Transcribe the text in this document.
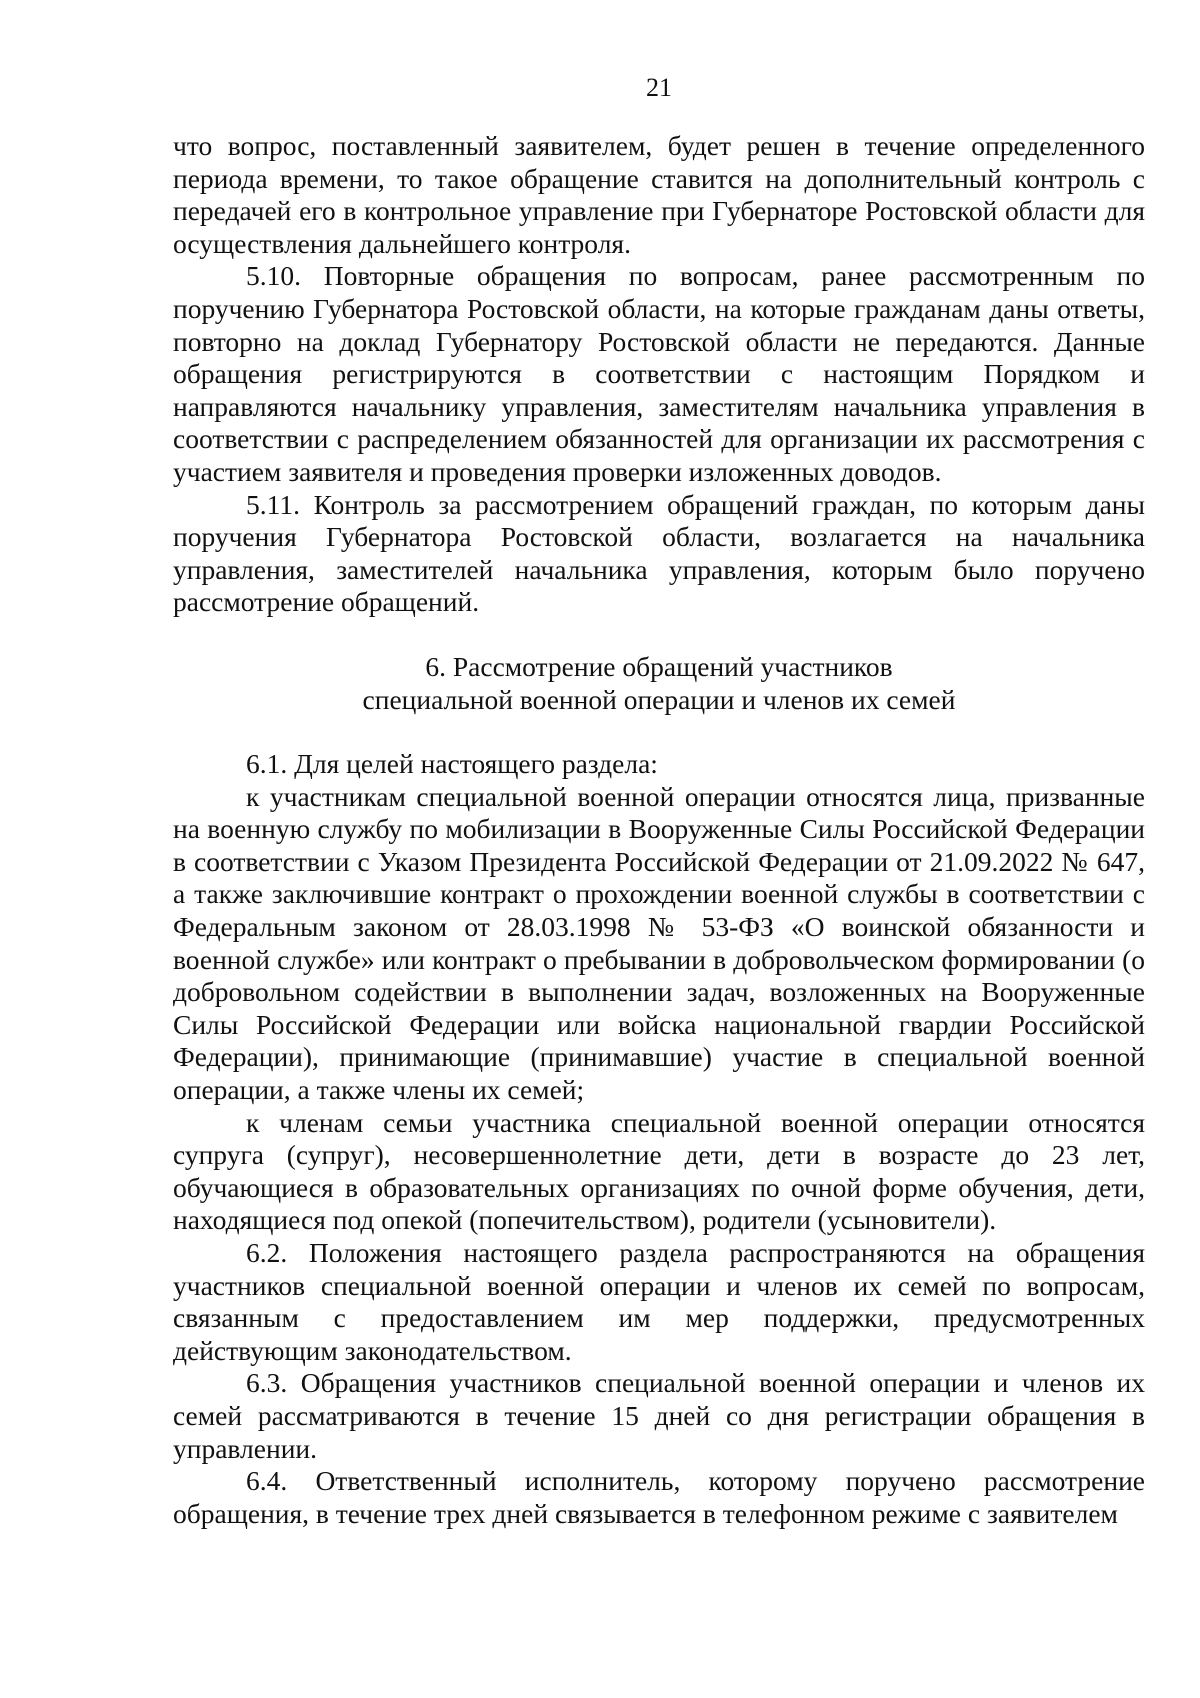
21

что вопрос, поставленный заявителем, будет решен в течение определенного периода времени, то такое обращение ставится на дополнительный контроль с передачей его в контрольное управление при Губернаторе Ростовской области для осуществления дальнейшего контроля.

5.10. Повторные обращения по вопросам, ранее рассмотренным по поручению Губернатора Ростовской области, на которые гражданам даны ответы, повторно на доклад Губернатору Ростовской области не передаются. Данные обращения регистрируются в соответствии с настоящим Порядком и направляются начальнику управления, заместителям начальника управления в соответствии с распределением обязанностей для организации их рассмотрения с участием заявителя и проведения проверки изложенных доводов.

5.11. Контроль за рассмотрением обращений граждан, по которым даны поручения Губернатора Ростовской области, возлагается на начальника управления, заместителей начальника управления, которым было поручено рассмотрение обращений.

6. Рассмотрение обращений участников
специальной военной операции и членов их семей

6.1. Для целей настоящего раздела:

к участникам специальной военной операции относятся лица, призванные на военную службу по мобилизации в Вооруженные Силы Российской Федерации в соответствии с Указом Президента Российской Федерации от 21.09.2022 № 647, а также заключившие контракт о прохождении военной службы в соответствии с Федеральным законом от 28.03.1998 № 53-ФЗ «О воинской обязанности и военной службе» или контракт о пребывании в добровольческом формировании (о добровольном содействии в выполнении задач, возложенных на Вооруженные Силы Российской Федерации или войска национальной гвардии Российской Федерации), принимающие (принимавшие) участие в специальной военной операции, а также члены их семей;

к членам семьи участника специальной военной операции относятся супруга (супруг), несовершеннолетние дети, дети в возрасте до 23 лет, обучающиеся в образовательных организациях по очной форме обучения, дети, находящиеся под опекой (попечительством), родители (усыновители).

6.2. Положения настоящего раздела распространяются на обращения участников специальной военной операции и членов их семей по вопросам, связанным с предоставлением им мер поддержки, предусмотренных действующим законодательством.

6.3. Обращения участников специальной военной операции и членов их семей рассматриваются в течение 15 дней со дня регистрации обращения в управлении.

6.4. Ответственный исполнитель, которому поручено рассмотрение обращения, в течение трех дней связывается в телефонном режиме с заявителем
